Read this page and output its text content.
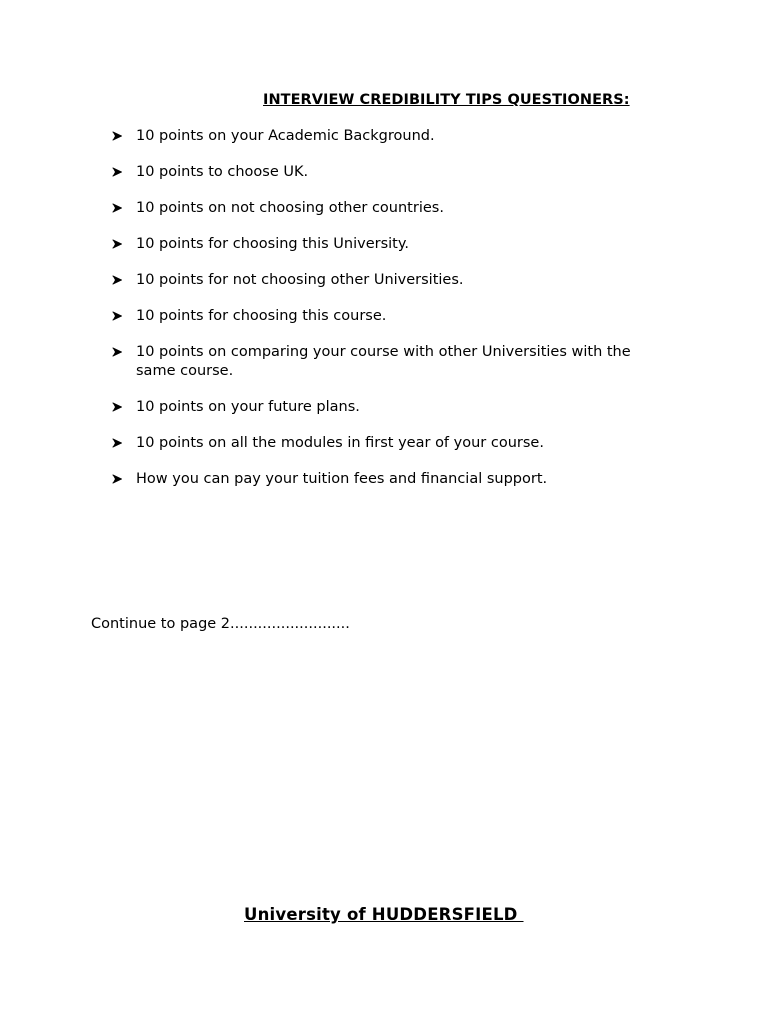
INTERVIEW CREDIBILITY TIPS QUESTIONERS:
10 points on your Academic Background.
10 points to choose UK.
10 points on not choosing other countries.
10 points for choosing this University.
10 points for not choosing other Universities.
10 points for choosing this course.
10 points on comparing your course with other Universities with the same course.
10 points on your future plans.
10 points on all the modules in first year of your course.
How you can pay your tuition fees and financial support.
Continue to page 2..........................
University of HUDDERSFIELD
